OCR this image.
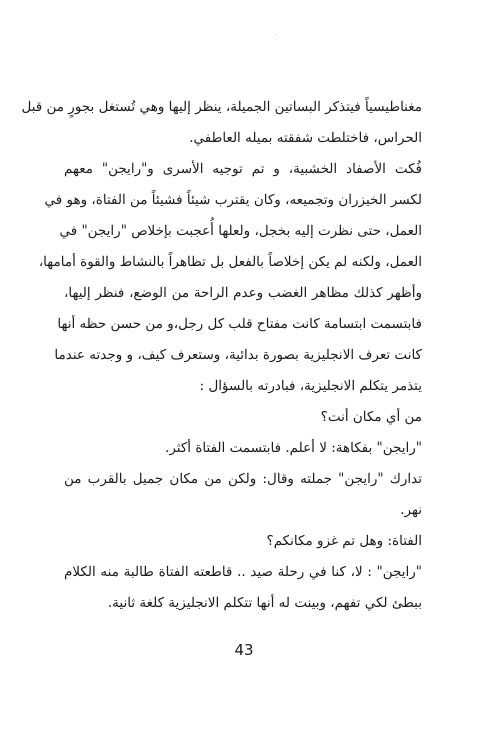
مغناطيسياً فيتذكر البساتين الجميلة، ينظر إليها وهي تُستغل بجورٍ من قبل
الحراس، فاختلطت شفقته بميله العاطفي.
فُكت الأصفاد الخشبية، و تم توجيه الأسرى و"رايجن" معهم
لكسر الخيزران وتجميعه، وكان يقترب شيئاً فشيئاً من الفتاة، وهو في
العمل، حتى نظرت إليه بخجل، ولعلها أُعجبت بإخلاص "رايجن" في
العمل، ولكنه لم يكن إخلاصاً بالفعل بل تظاهراً بالنشاط والقوة أمامها،
وأظهر كذلك مظاهر الغضب وعدم الراحة من الوضع، فنظر إليها،
فابتسمت ابتسامة كانت مفتاح قلب كل رجل،و من حسن حظه أنها
كانت تعرف الانجليزية بصورة بدائية، وستعرف كيف، و وجدته عندما
يتذمر يتكلم الانجليزية، فبادرته بالسؤال :
من أي مكان أنت؟
"رايجن" بفكاهة: لا أعلم. فابتسمت الفتاة أكثر.
تدارك "رايجن" جملته وقال: ولكن من مكان جميل بالقرب من
نهر.
الفتاة: وهل تم غزو مكانكم؟
"رايجن" : لا، كنا في رحلة صيد .. قاطعته الفتاة طالبة منه الكلام
ببطئ لكي تفهم، وبينت له أنها تتكلم الانجليزية كلغة ثانية.
43
